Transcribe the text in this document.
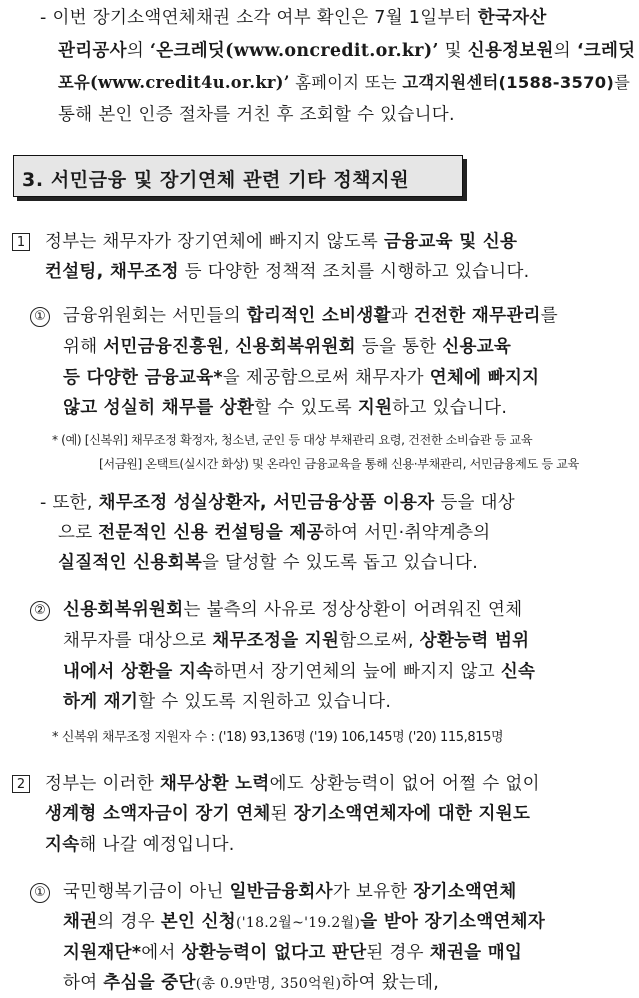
- 이번 장기소액연체채권 소각 여부 확인은 7월 1일부터 한국자산
관리공사의 ‘온크레딧(www.oncredit.or.kr)’ 및 신용정보원의 ‘크레딧
포유(www.credit4u.or.kr)’ 홈페이지 또는 고객지원센터(1588-3570)를
통해 본인 인증 절차를 거친 후 조회할 수 있습니다.
3. 서민금융 및 장기연체 관련 기타 정책지원
1 정부는 채무자가 장기연체에 빠지지 않도록 금융교육 및 신용
컨설팅, 채무조정 등 다양한 정책적 조치를 시행하고 있습니다.
① 금융위원회는 서민들의 합리적인 소비생활과 건전한 재무관리를
위해 서민금융진흥원, 신용회복위원회 등을 통한 신용교육
등 다양한 금융교육*을 제공함으로써 채무자가 연체에 빠지지
않고 성실히 채무를 상환할 수 있도록 지원하고 있습니다.
* (예) [신복위] 채무조정 확정자, 청소년, 군인 등 대상 부채관리 요령, 건전한 소비습관 등 교육
[서금원] 온택트(실시간 화상) 및 온라인 금융교육을 통해 신용·부채관리, 서민금융제도 등 교육
- 또한, 채무조정 성실상환자, 서민금융상품 이용자 등을 대상
으로 전문적인 신용 컨설팅을 제공하여 서민·취약계층의
실질적인 신용회복을 달성할 수 있도록 돕고 있습니다.
② 신용회복위원회는 불측의 사유로 정상상환이 어려워진 연체
채무자를 대상으로 채무조정을 지원함으로써, 상환능력 범위
내에서 상환을 지속하면서 장기연체의 늪에 빠지지 않고 신속
하게 재기할 수 있도록 지원하고 있습니다.
* 신복위 채무조정 지원자 수 : ('18) 93,136명 ('19) 106,145명 ('20) 115,815명
2 정부는 이러한 채무상환 노력에도 상환능력이 없어 어쩔 수 없이
생계형 소액자금이 장기 연체된 장기소액연체자에 대한 지원도
지속해 나갈 예정입니다.
① 국민행복기금이 아닌 일반금융회사가 보유한 장기소액연체
채권의 경우 본인 신청('18.2월~'19.2월)을 받아 장기소액연체자
지원재단*에서 상환능력이 없다고 판단된 경우 채권을 매입
하여 추심을 중단(총 0.9만명, 350억원)하여 왔는데,
